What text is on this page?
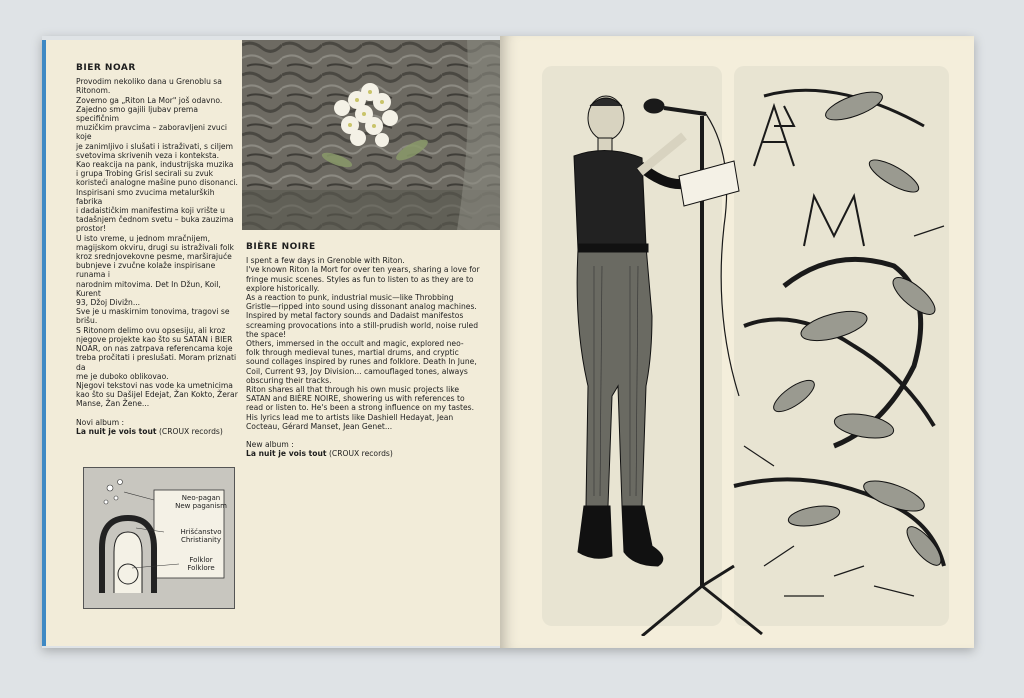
BIER NOAR

Provodim nekoliko dana u Grenoblu sa

Ritonom.

Zovemo ga „Riton La Mor" još odavno.

Zajedno smo gajili ljubav prema specifičnim

muzičkim pravcima – zaboravljeni zvuci koje

je zanimljivo i slušati i istraživati, s ciljem

svetovima skrivenih veza i konteksta.

Kao reakcija na pank, industrijska muzika

i grupa Trobing Grisl secirali su zvuk

koristeći analogne mašine puno disonanci.

Inspirisani smo zvucima metalurških fabrika

i dadaističkim manifestima koji vrište u

tadašnjem čednom svetu – buka zauzima

prostor!

U isto vreme, u jednom mračnijem,

magijskom okviru, drugi su istraživali folk

kroz srednjovekovne pesme, marširajuće

bubnjeve i zvučne kolaže inspirisane runama i

narodnim mitovima. Det In Džun, Koil, Kurent

93, Džoj Divižn...

Sve je u maskirnim tonovima, tragovi se

brišu.

S Ritonom delimo ovu opsesiju, ali kroz

njegove projekte kao što su SATAN i BIER

NOAR, on nas zatrpava referencama koje

treba pročitati i preslušati. Moram priznati da

me je duboko oblikovao.

Njegovi tekstovi nas vode ka umetnicima

kao što su Dašijel Edejat, Žan Kokto, Žerar

Manse, Žan Žene...

Novi album :

La nuit je vois tout (CROUX records)

BIÈRE NOIRE

I spent a few days in Grenoble with Riton.

I've known Riton la Mort for over ten years, sharing a love for

fringe music scenes. Styles as fun to listen to as they are to

explore historically.

As a reaction to punk, industrial music—like Throbbing

Gristle—ripped into sound using dissonant analog machines.

Inspired by metal factory sounds and Dadaist manifestos

screaming provocations into a still-prudish world, noise ruled

the space!

Others, immersed in the occult and magic, explored neo-

folk through medieval tunes, martial drums, and cryptic

sound collages inspired by runes and folklore. Death In June,

Coil, Current 93, Joy Division... camouflaged tones, always

obscuring their tracks.

Riton shares all that through his own music projects like

SATAN and BIÈRE NOIRE, showering us with references to

read or listen to. He's been a strong influence on my tastes.

His lyrics lead me to artists like Dashiell Hedayat, Jean

Cocteau, Gérard Manset, Jean Genet...

New album :

La nuit je vois tout (CROUX records)

Neo-pagan
New paganism
Hrišćanstvo
Christianity
Folklor
Folklore
